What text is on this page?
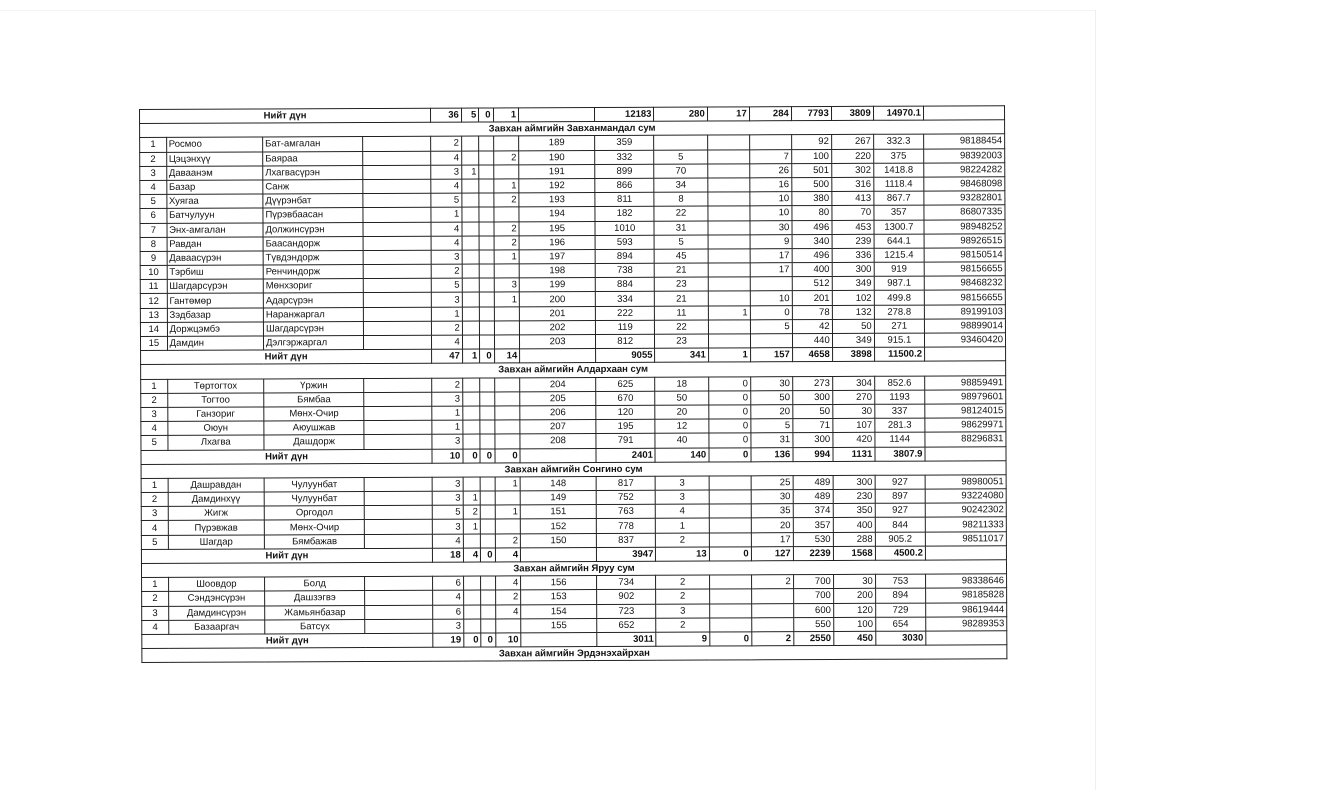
Нийт дүн				36	5	0	1		12183	280	17	284	7793	3809	14970.1	
Завхан аймгийн Завханмандал сум																
1	Росмоо	Бат-амгалан		2				189	359				92	267	332.3	98188454
2	Цэцэнхүү	Баяраа		4			2	190	332	5		7	100	220	375	98392003
3	Даваанэм	Лхагвасүрэн		3	1			191	899	70		26	501	302	1418.8	98224282
4	Базар	Санж		4			1	192	866	34		16	500	316	1118.4	98468098
5	Хуягаа	Дүүрэнбат		5			2	193	811	8		10	380	413	867.7	93282801
6	Батчулуун	Пүрэвбаасан		1				194	182	22		10	80	70	357	86807335
7	Энх-амгалан	Должинсүрэн		4			2	195	1010	31		30	496	453	1300.7	98948252
8	Равдан	Баасандорж		4			2	196	593	5		9	340	239	644.1	98926515
9	Даваасүрэн	Түвдэндорж		3			1	197	894	45		17	496	336	1215.4	98150514
10	Тэрбиш	Ренчиндорж		2				198	738	21		17	400	300	919	98156655
11	Шагдарсүрэн	Мөнхзориг		5			3	199	884	23			512	349	987.1	98468232
12	Гантөмөр	Адарсүрэн		3			1	200	334	21		10	201	102	499.8	98156655
13	Зэдбазар	Наранжаргал		1				201	222	11	1	0	78	132	278.8	89199103
14	Доржцэмбэ	Шагдарсүрэн		2				202	119	22		5	42	50	271	98899014
15	Дамдин	Дэлгэржаргал		4				203	812	23			440	349	915.1	93460420
Нийт дүн				47	1	0	14		9055	341	1	157	4658	3898	11500.2	
Завхан аймгийн Алдархаан сум																
1	Төртогтох	Үржин		2				204	625	18	0	30	273	304	852.6	98859491
2	Тогтоо	Бямбаа		3				205	670	50	0	50	300	270	1193	98979601
3	Ганзориг	Мөнх-Очир		1				206	120	20	0	20	50	30	337	98124015
4	Оюун	Аюушжав		1				207	195	12	0	5	71	107	281.3	98629971
5	Лхагва	Дашдорж		3				208	791	40	0	31	300	420	1144	88296831
Нийт дүн				10	0	0	0		2401	140	0	136	994	1131	3807.9	
Завхан аймгийн Сонгино сум																
1	Дашравдан	Чулуунбат		3			1	148	817	3		25	489	300	927	98980051
2	Дамдинхүү	Чулуунбат		3	1			149	752	3		30	489	230	897	93224080
3	Жигж	Оргодол		5	2		1	151	763	4		35	374	350	927	90242302
4	Пүрэвжав	Мөнх-Очир		3	1			152	778	1		20	357	400	844	98211333
5	Шагдар	Бямбажав		4			2	150	837	2		17	530	288	905.2	98511017
Нийт дүн				18	4	0	4		3947	13	0	127	2239	1568	4500.2	
Завхан аймгийн Яруу сум																
1	Шоовдор	Болд		6			4	156	734	2		2	700	30	753	98338646
2	Сэндэнсүрэн	Дашзэгвэ		4			2	153	902	2			700	200	894	98185828
3	Дамдинсүрэн	Жамьянбазар		6			4	154	723	3			600	120	729	98619444
4	Базааргач	Батсүх		3				155	652	2			550	100	654	98289353
Нийт дүн				19	0	0	10		3011	9	0	2	2550	450	3030	
Завхан аймгийн Эрдэнэхайрхан																
